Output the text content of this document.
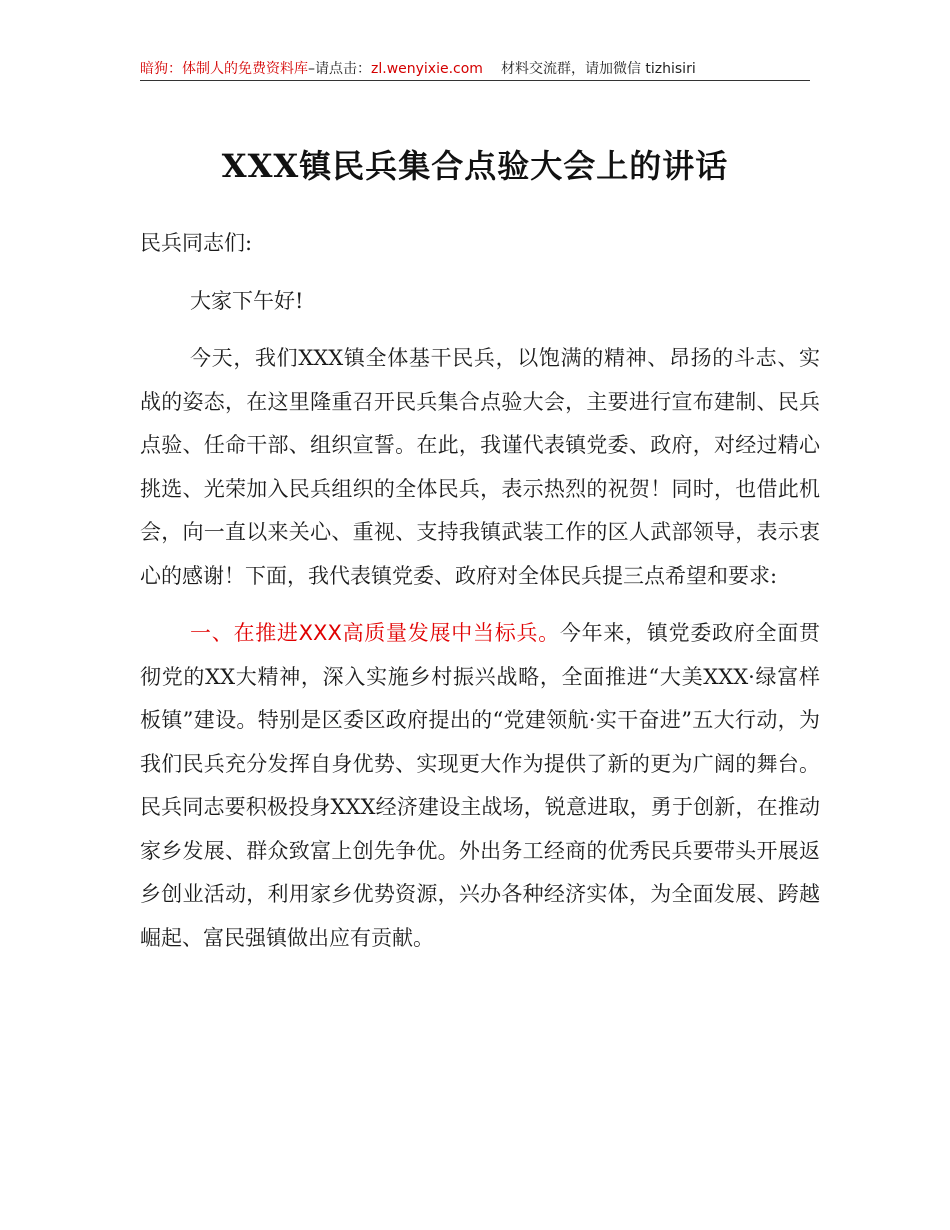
暗狗：体制人的免费资料库–请点击：zl.wenyixie.com 材料交流群，请加微信 tizhisiri
XXX镇民兵集合点验大会上的讲话

民兵同志们:

大家下午好!

今天，我们XXX镇全体基干民兵，以饱满的精神、昂扬的斗志、实战的姿态，在这里隆重召开民兵集合点验大会，主要进行宣布建制、民兵点验、任命干部、组织宣誓。在此，我谨代表镇党委、政府，对经过精心挑选、光荣加入民兵组织的全体民兵，表示热烈的祝贺！同时，也借此机会，向一直以来关心、重视、支持我镇武装工作的区人武部领导，表示衷心的感谢！下面，我代表镇党委、政府对全体民兵提三点希望和要求:

一、在推进XXX高质量发展中当标兵。今年来，镇党委政府全面贯彻党的XX大精神，深入实施乡村振兴战略，全面推进“大美XXX·绿富样板镇”建设。特别是区委区政府提出的“党建领航·实干奋进”五大行动，为我们民兵充分发挥自身优势、实现更大作为提供了新的更为广阔的舞台。民兵同志要积极投身XXX经济建设主战场，锐意进取，勇于创新，在推动家乡发展、群众致富上创先争优。外出务工经商的优秀民兵要带头开展返乡创业活动，利用家乡优势资源，兴办各种经济实体，为全面发展、跨越崛起、富民强镇做出应有贡献。
